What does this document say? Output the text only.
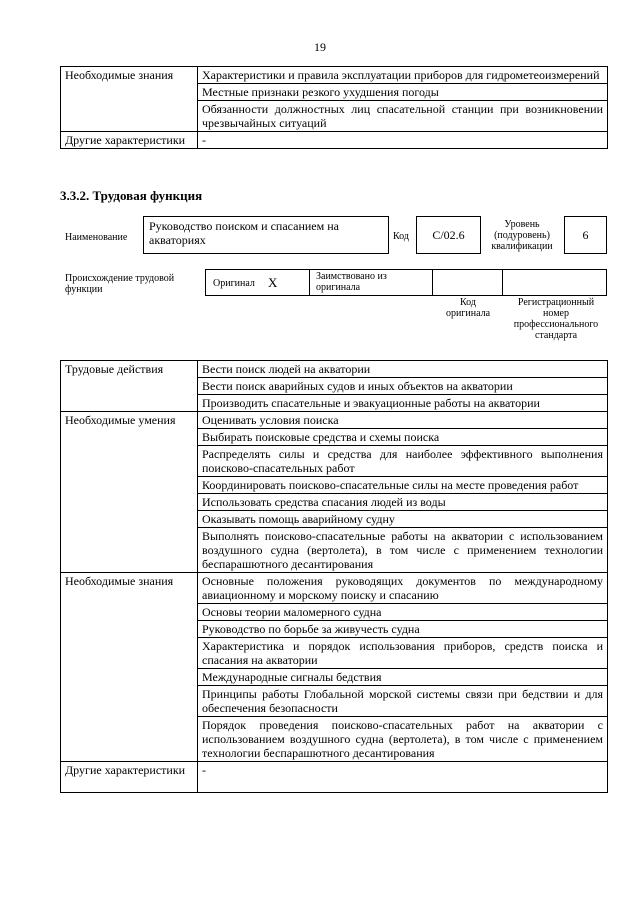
19
Необходимые знания	Характеристики и правила эксплуатации приборов для гидрометеоизмерений
	Местные признаки резкого ухудшения погоды
	Обязанности должностных лиц спасательной станции при возникновении чрезвычайных ситуаций
Другие характеристики	-
3.3.2. Трудовая функция
Наименование
Руководство поиском и спасанием на акваториях	Код	C/02.6
Уровень (подуровень) квалификации
6
Происхождение трудовой функции
Оригинал X	Заимствовано из оригинала
Код оригинала
Регистрационный номер профессионального стандарта
Трудовые действия	Вести поиск людей на акватории
	Вести поиск аварийных судов и иных объектов на акватории
	Производить спасательные и эвакуационные работы на акватории
Необходимые умения	Оценивать условия поиска
	Выбирать поисковые средства и схемы поиска
	Распределять силы и средства для наиболее эффективного выполнения поисково-спасательных работ
	Координировать поисково-спасательные силы на месте проведения работ
	Использовать средства спасания людей из воды
	Оказывать помощь аварийному судну
	Выполнять поисково-спасательные работы на акватории с использованием воздушного судна (вертолета), в том числе с применением технологии беспарашютного десантирования
Необходимые знания	Основные положения руководящих документов по международному авиационному и морскому поиску и спасанию
	Основы теории маломерного судна
	Руководство по борьбе за живучесть судна
	Характеристика и порядок использования приборов, средств поиска и спасания на акватории
	Международные сигналы бедствия
	Принципы работы Глобальной морской системы связи при бедствии и для обеспечения безопасности
	Порядок проведения поисково-спасательных работ на акватории с использованием воздушного судна (вертолета), в том числе с применением технологии беспарашютного десантирования
Другие характеристики	-
